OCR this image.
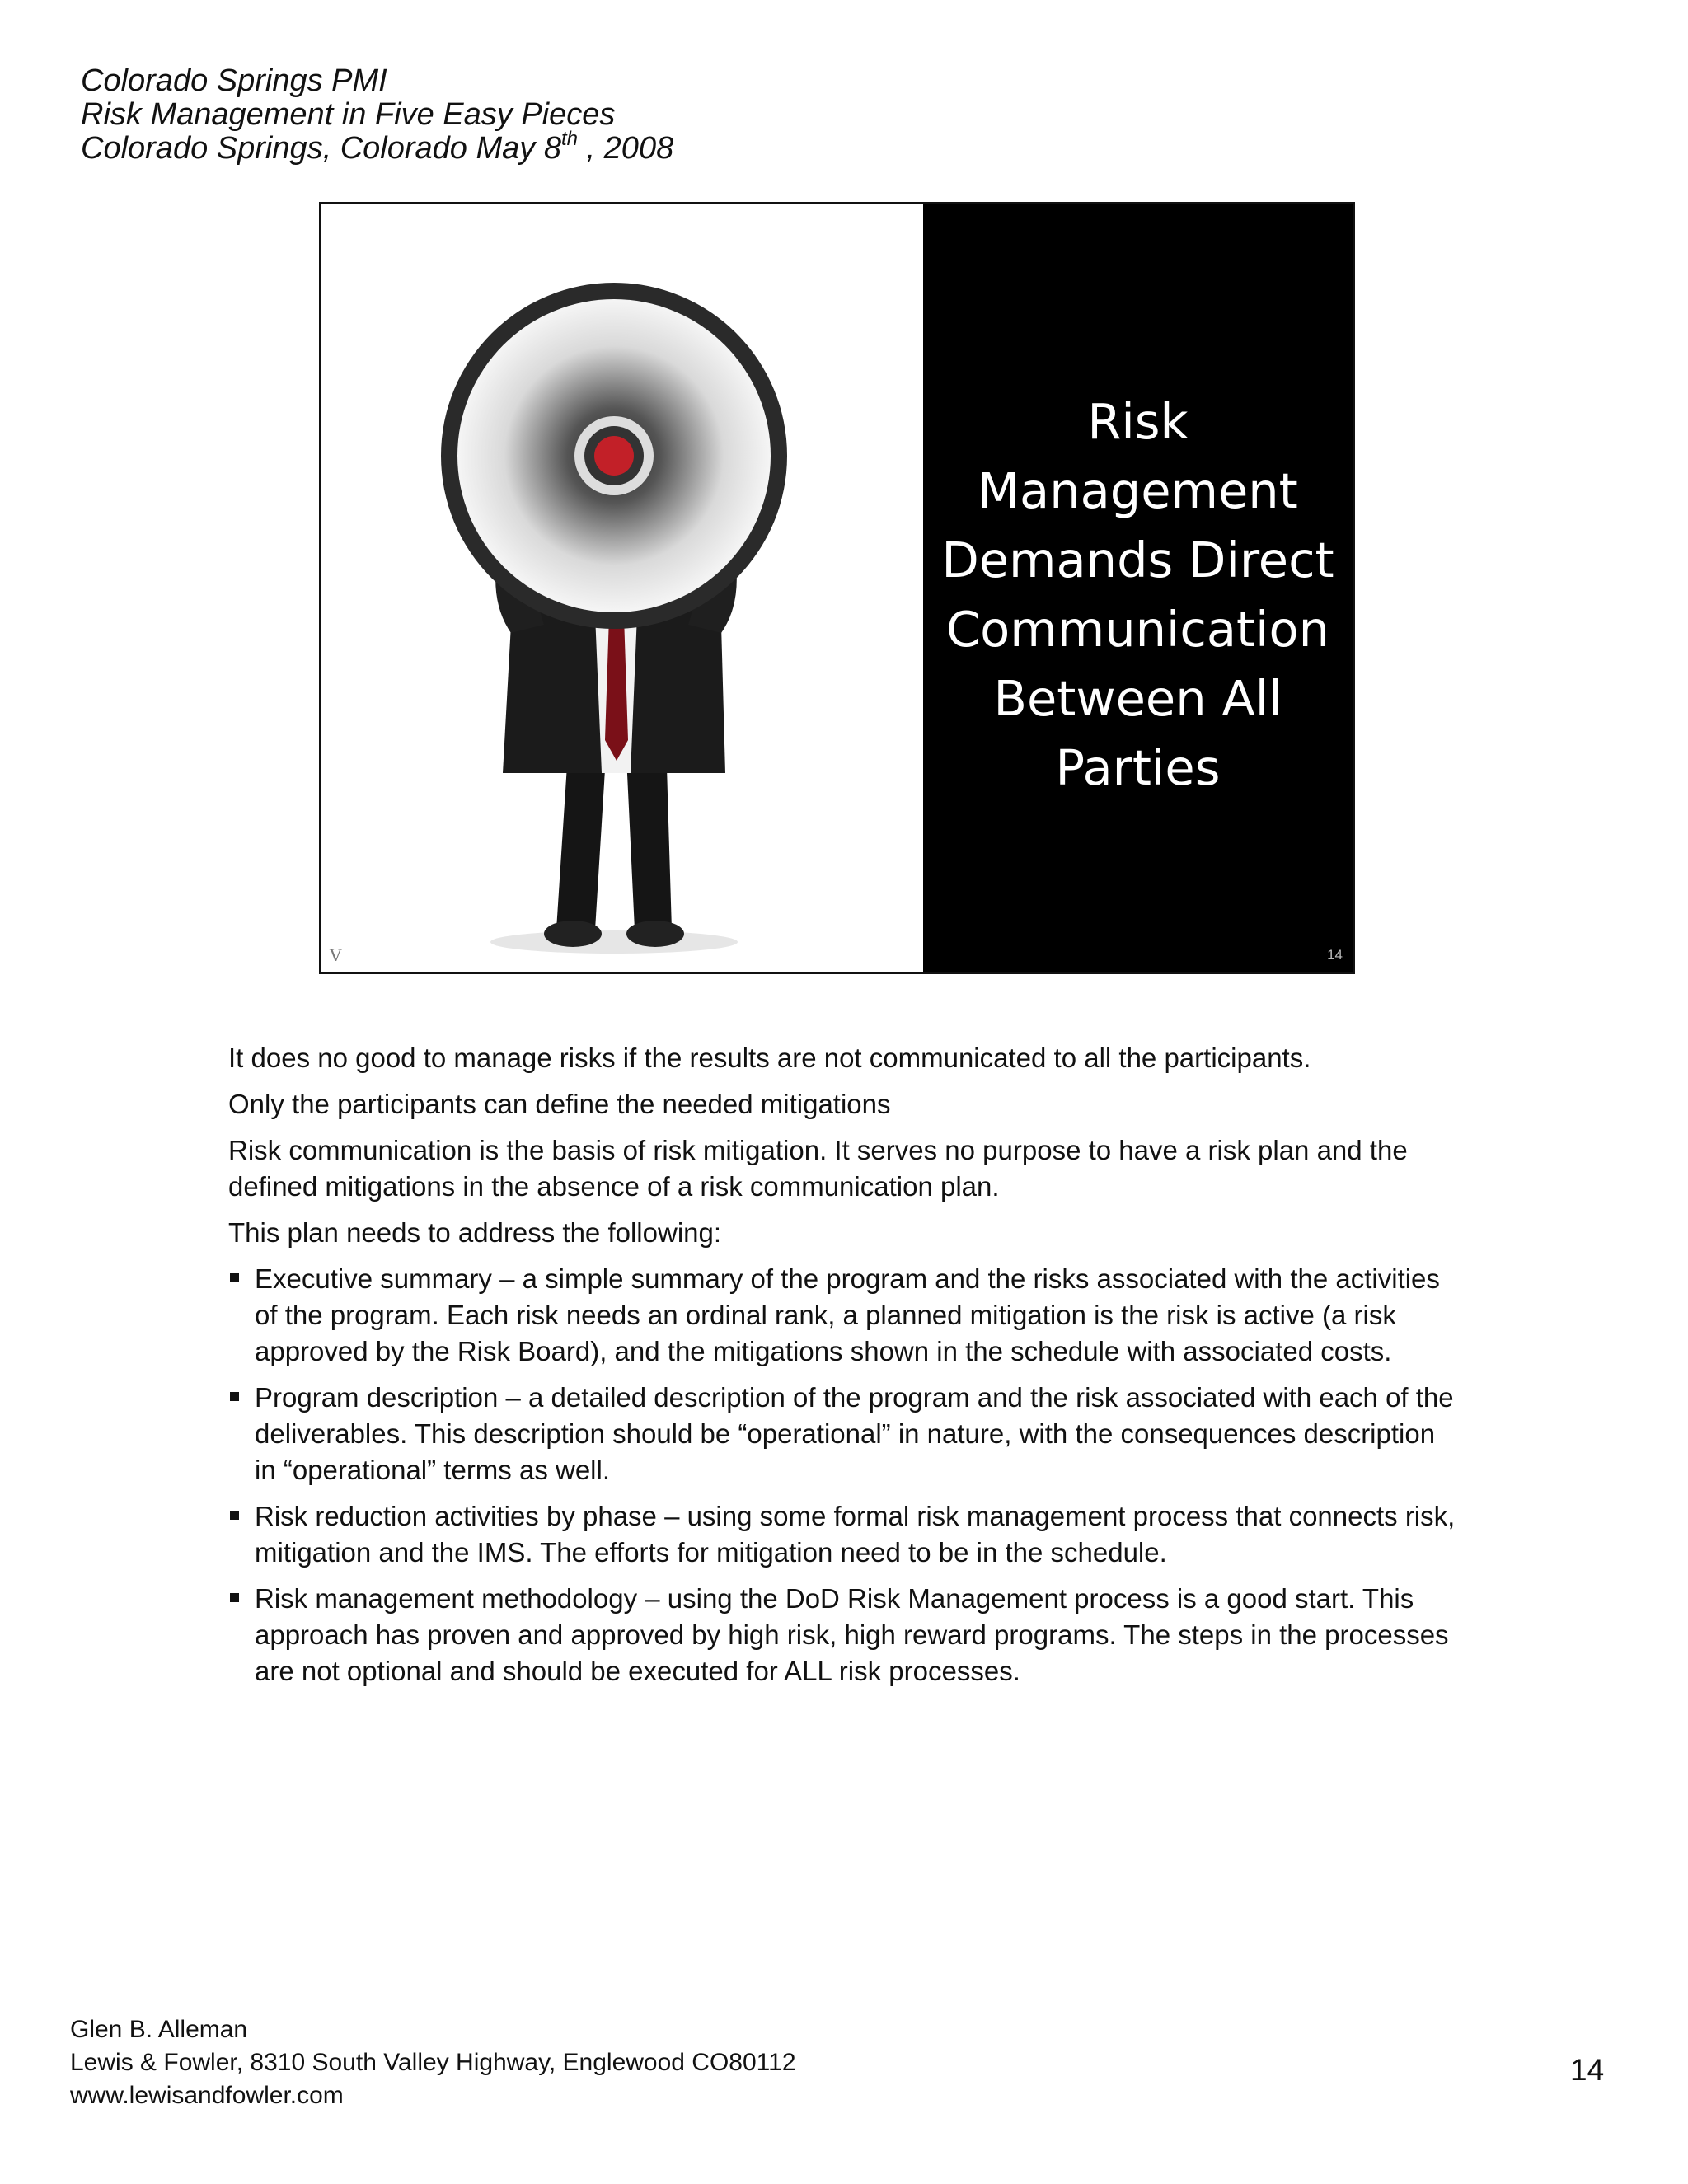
Colorado Springs PMI
Risk Management in Five Easy Pieces
Colorado Springs, Colorado May 8th , 2008
V
Risk
Management
Demands Direct
Communication
Between All
Parties
14

It does no good to manage risks if the results are not communicated to all the participants.

Only the participants can define the needed mitigations

Risk communication is the basis of risk mitigation. It serves no purpose to have a risk plan and the defined mitigations in the absence of a risk communication plan.

This plan needs to address the following:

Executive summary – a simple summary of the program and the risks associated with the activities of the program. Each risk needs an ordinal rank, a planned mitigation is the risk is active (a risk approved by the Risk Board), and the mitigations shown in the schedule with associated costs.
Program description – a detailed description of the program and the risk associated with each of the deliverables. This description should be “operational” in nature, with the consequences description in “operational” terms as well.
Risk reduction activities by phase – using some formal risk management process that connects risk, mitigation and the IMS. The efforts for mitigation need to be in the schedule.
Risk management methodology – using the DoD Risk Management process is a good start. This approach has proven and approved by high risk, high reward programs. The steps in the processes are not optional and should be executed for ALL risk processes.
Glen B. Alleman
Lewis & Fowler, 8310 South Valley Highway, Englewood CO80112
www.lewisandfowler.com
14
